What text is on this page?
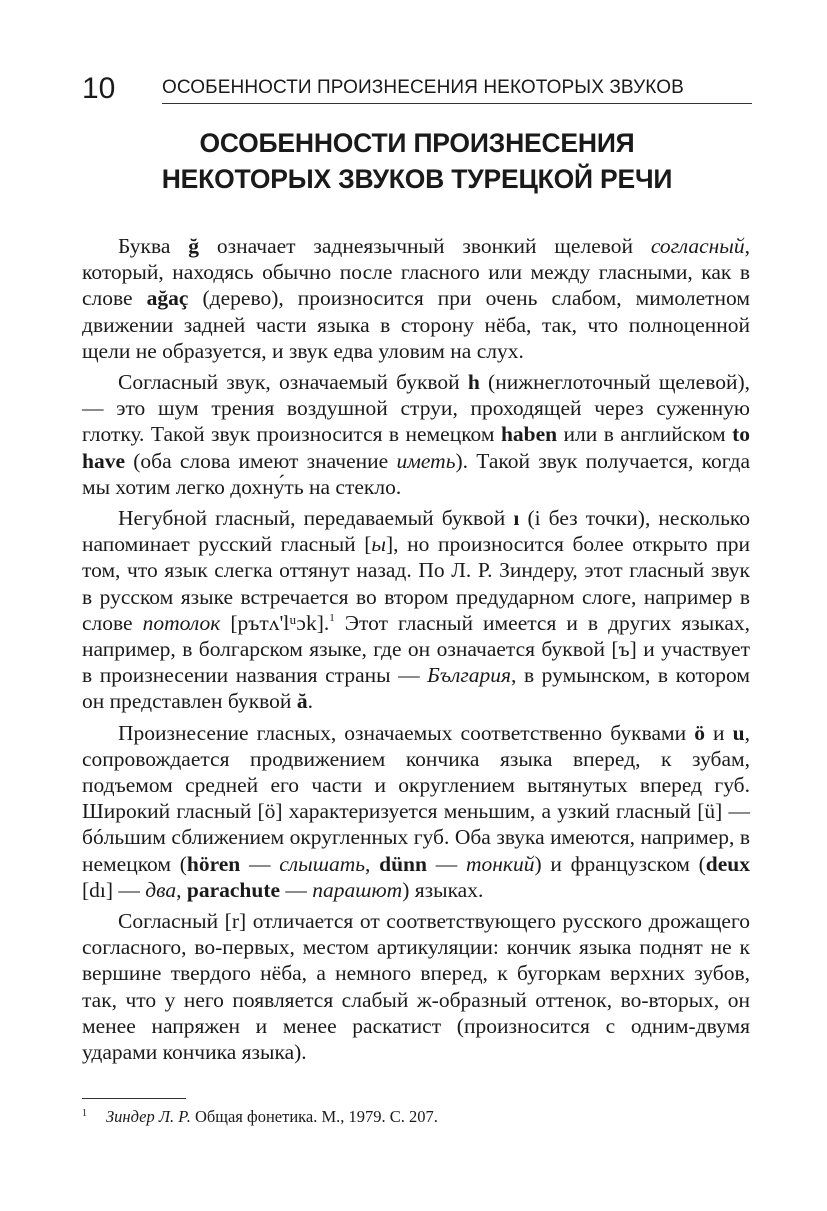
10 ОСОБЕННОСТИ ПРОИЗНЕСЕНИЯ НЕКОТОРЫХ ЗВУКОВ
ОСОБЕННОСТИ ПРОИЗНЕСЕНИЯ
НЕКОТОРЫХ ЗВУКОВ ТУРЕЦКОЙ РЕЧИ

Буква ğ означает заднеязычный звонкий щелевой согласный, который, находясь обычно после гласного или между гласными, как в слове ağaç (дерево), произносится при очень слабом, мимолетном движении задней части языка в сторону нёба, так, что полноценной щели не образуется, и звук едва уловим на слух.

Согласный звук, означаемый буквой h (нижнеглоточный щелевой), — это шум трения воздушной струи, проходящей через суженную глотку. Такой звук произносится в немецком haben или в английском to have (оба слова имеют значение иметь). Такой звук получается, когда мы хотим легко дохну́ть на стекло.

Негубной гласный, передаваемый буквой ı (i без точки), несколько напоминает русский гласный [ы], но произносится более открыто при том, что язык слегка оттянут назад. По Л. Р. Зиндеру, этот гласный звук в русском языке встречается во втором предударном слоге, например в слове потолок [pътʌ'lᵘɔk].$^1$ Этот гласный имеется и в других языках, например, в болгарском языке, где он означается буквой [ъ] и участвует в произнесении названия страны — България, в румынском, в котором он представлен буквой ă.

Произнесение гласных, означаемых соответственно буквами ö и u, сопровождается продвижением кончика языка вперед, к зубам, подъемом средней его части и округлением вытянутых вперед губ. Широкий гласный [ö] характеризуется меньшим, а узкий гласный [ü] — бóльшим сближением округленных губ. Оба звука имеются, например, в немецком (hören — слышать, dünn — тонкий) и французском (deux [dı] — два, parachute — парашют) языках.

Согласный [r] отличается от соответствующего русского дрожащего согласного, во-первых, местом артикуляции: кончик языка поднят не к вершине твердого нёба, а немного вперед, к бугоркам верхних зубов, так, что у него появляется слабый ж-образный оттенок, во-вторых, он менее напряжен и менее раскатист (произносится с одним-двумя ударами кончика языка).

1 Зиндер Л. Р. Общая фонетика. М., 1979. С. 207.
